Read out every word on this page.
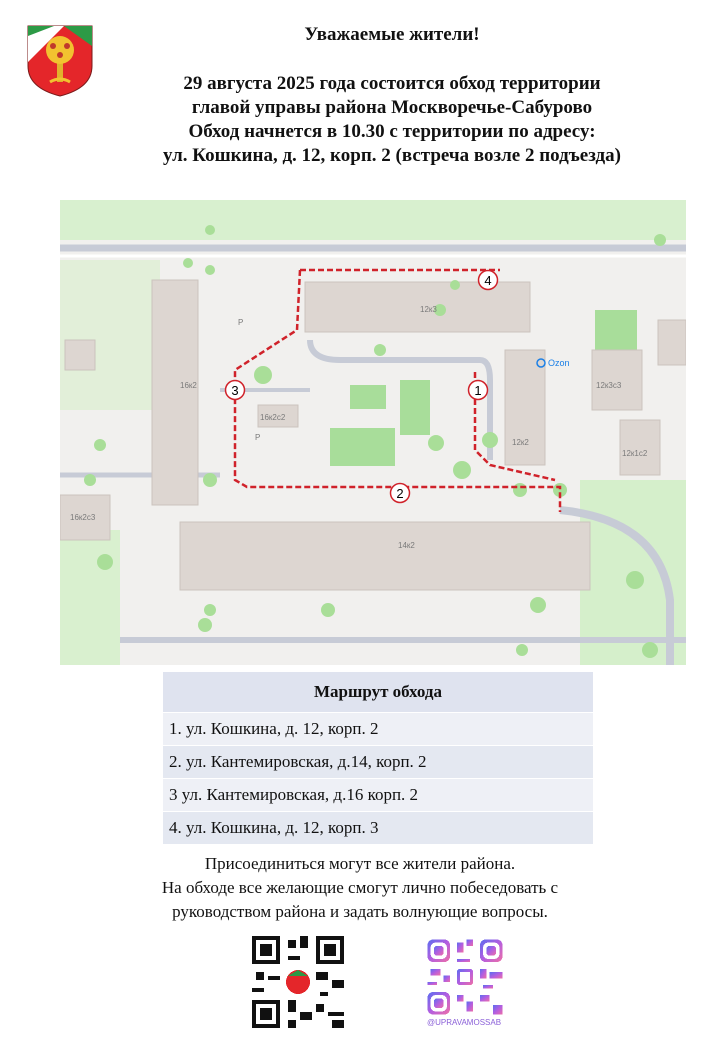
Уважаемые жители!

29 августа 2025 года состоится обход территории

главой управы района Москворечье-Сабурово

Обход начнется в 10.30 с территории по адресу:

ул. Кошкина, д. 12, корп. 2 (встреча возле 2 подъезда)

16к2
16к2с2
16к2с3
12к3
12к2
12к3с3
12к1с2
14к2
P
P
Ozon
1
2
3
4
Маршрут обхода
1. ул. Кошкина, д. 12, корп. 2
2. ул. Кантемировская, д.14, корп. 2
3 ул. Кантемировская, д.16 корп. 2
4. ул. Кошкина, д. 12, корп. 3

Присоединиться могут все жители района.

На обходе все желающие смогут лично побеседовать с

руководством района и задать волнующие вопросы.

@UPRAVAMOSSAB
